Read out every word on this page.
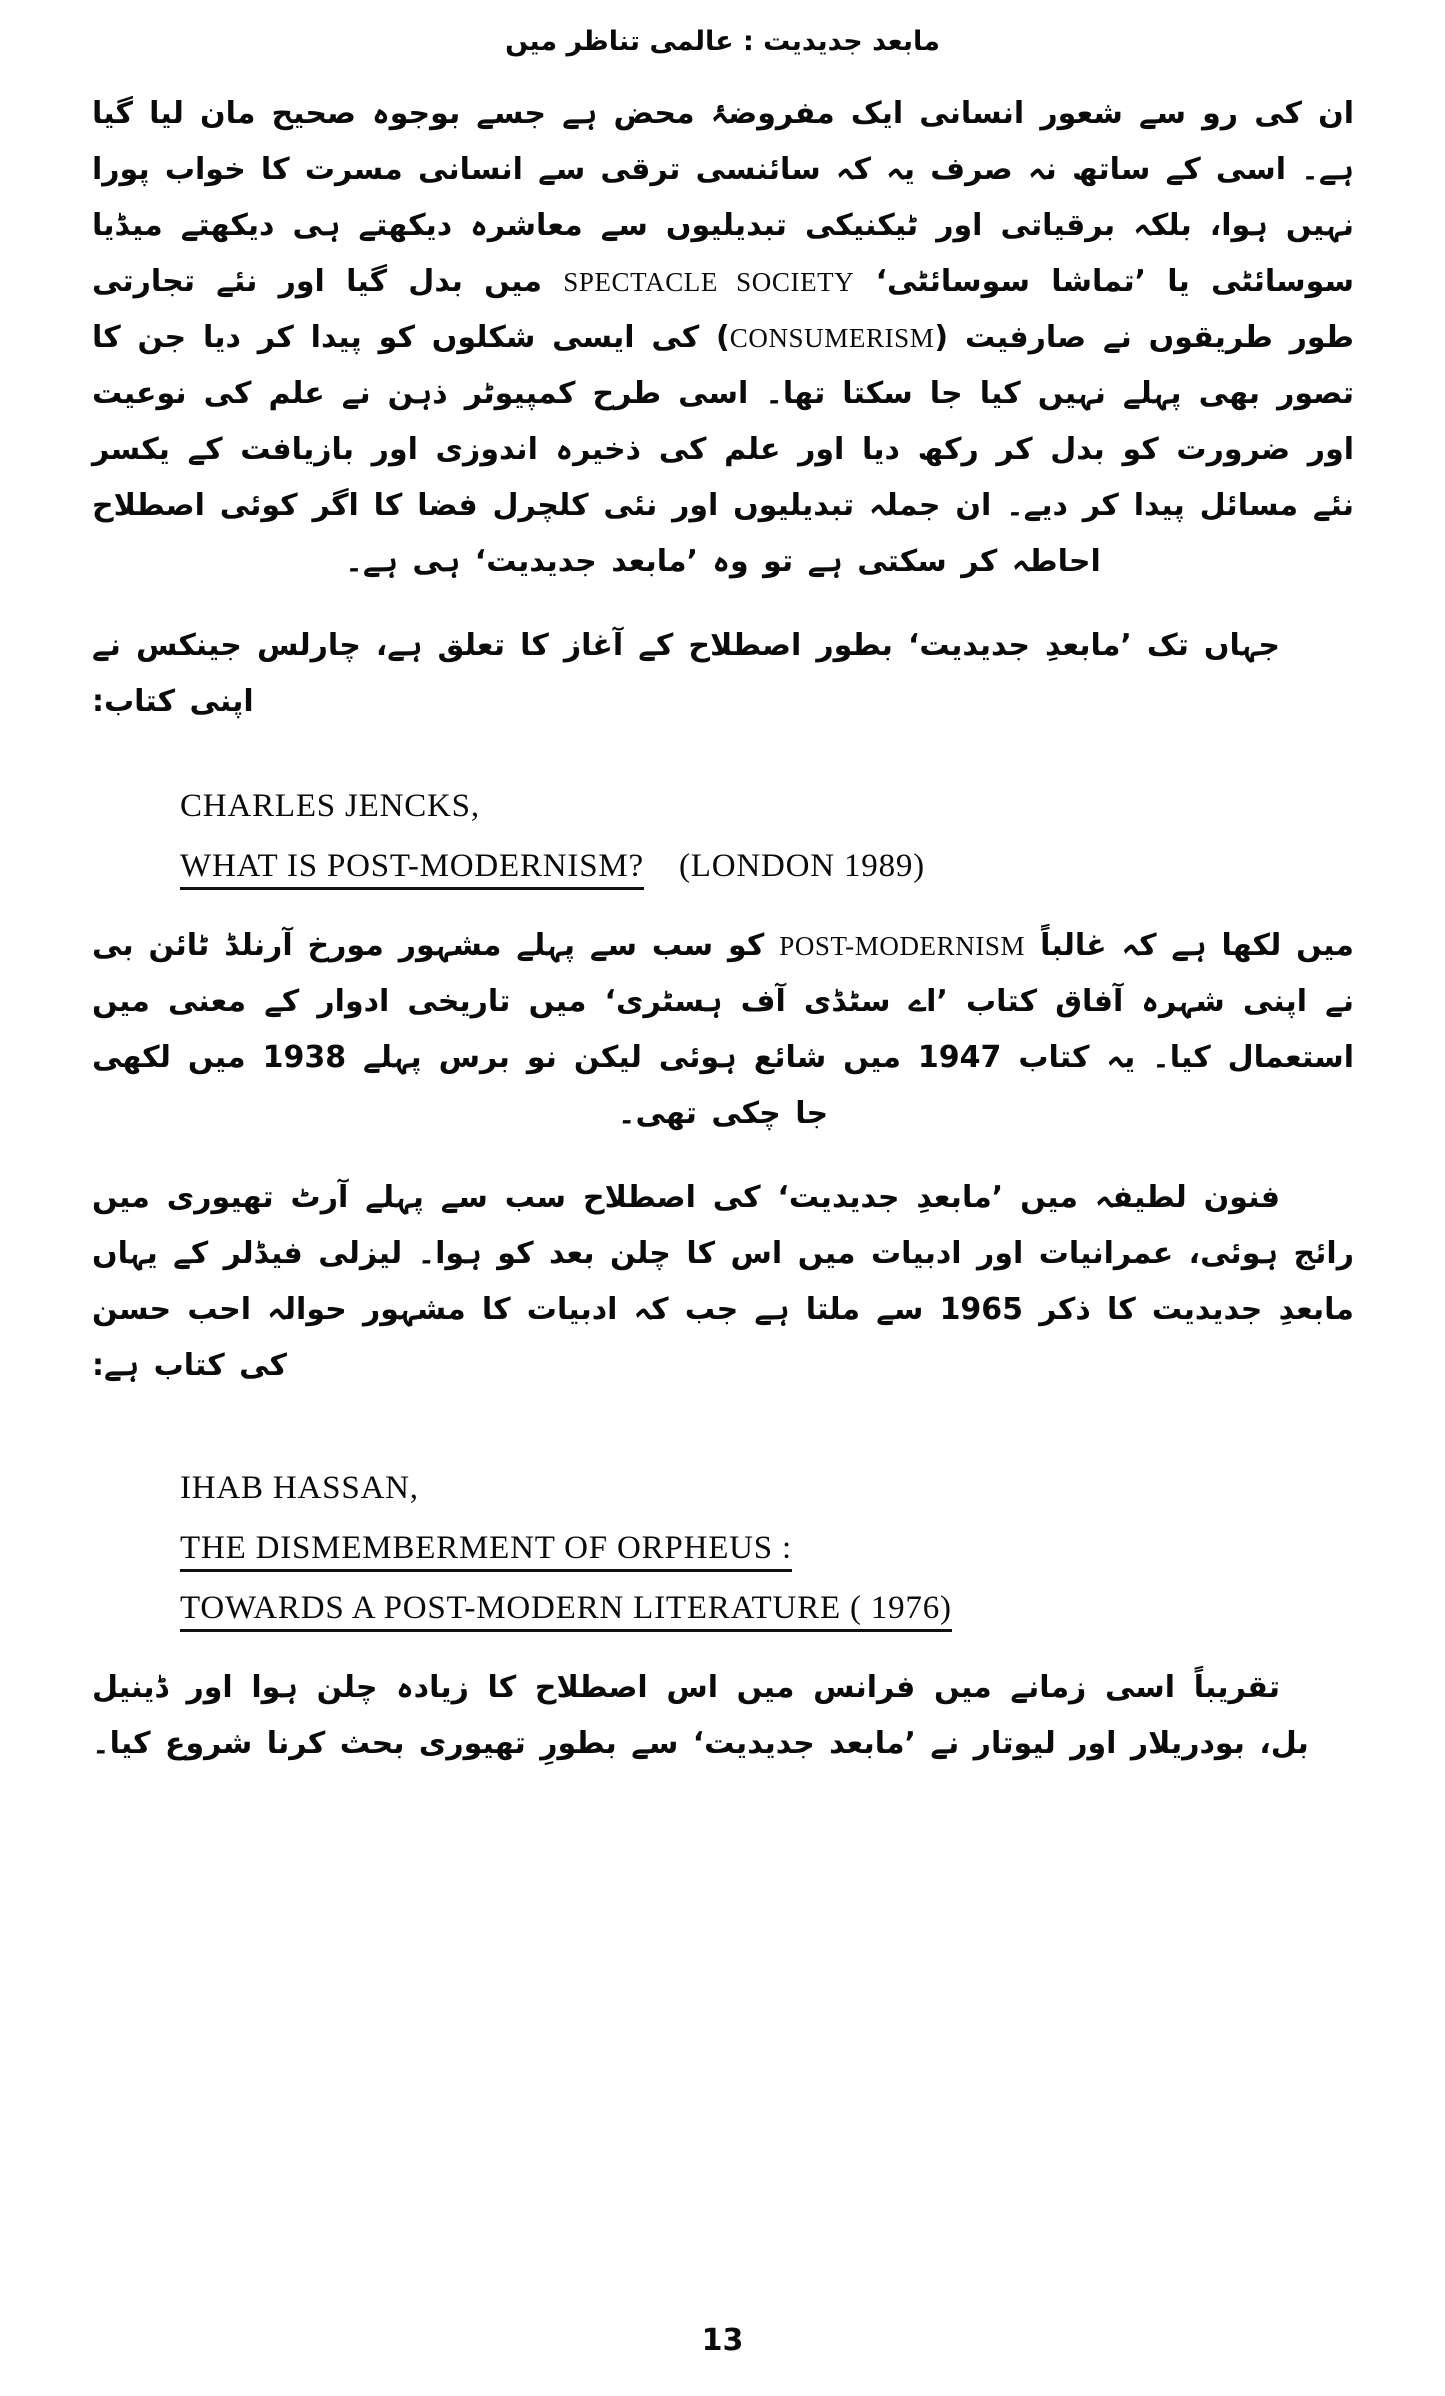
مابعد جدیدیت : عالمی تناظر میں

ان کی رو سے شعور انسانی ایک مفروضۂ محض ہے جسے بوجوہ صحیح مان لیا گیا ہے۔ اسی کے ساتھ نہ صرف یہ کہ سائنسی ترقی سے انسانی مسرت کا خواب پورا نہیں ہوا، بلکہ برقیاتی اور ٹیکنیکی تبدیلیوں سے معاشرہ دیکھتے ہی دیکھتے میڈیا سوسائٹی یا ’تماشا سوسائٹی‘ SPECTACLE SOCIETY میں بدل گیا اور نئے تجارتی طور طریقوں نے صارفیت (CONSUMERISM) کی ایسی شکلوں کو پیدا کر دیا جن کا تصور بھی پہلے نہیں کیا جا سکتا تھا۔ اسی طرح کمپیوٹر ذہن نے علم کی نوعیت اور ضرورت کو بدل کر رکھ دیا اور علم کی ذخیرہ اندوزی اور بازیافت کے یکسر نئے مسائل پیدا کر دیے۔ ان جملہ تبدیلیوں اور نئی کلچرل فضا کا اگر کوئی اصطلاح احاطہ کر سکتی ہے تو وہ ’مابعد جدیدیت‘ ہی ہے۔

جہاں تک ’مابعدِ جدیدیت‘ بطور اصطلاح کے آغاز کا تعلق ہے، چارلس جینکس نے اپنی کتاب:

CHARLES JENCKS,
WHAT IS POST-MODERNISM? (LONDON 1989)

میں لکھا ہے کہ غالباً POST-MODERNISM کو سب سے پہلے مشہور مورخ آرنلڈ ٹائن بی نے اپنی شہرہ آفاق کتاب ’اے سٹڈی آف ہسٹری‘ میں تاریخی ادوار کے معنی میں استعمال کیا۔ یہ کتاب 1947 میں شائع ہوئی لیکن نو برس پہلے 1938 میں لکھی جا چکی تھی۔

فنون لطیفہ میں ’مابعدِ جدیدیت‘ کی اصطلاح سب سے پہلے آرٹ تھیوری میں رائج ہوئی، عمرانیات اور ادبیات میں اس کا چلن بعد کو ہوا۔ لیزلی فیڈلر کے یہاں مابعدِ جدیدیت کا ذکر 1965 سے ملتا ہے جب کہ ادبیات کا مشہور حوالہ احب حسن کی کتاب ہے:

IHAB HASSAN,
THE DISMEMBERMENT OF ORPHEUS :
TOWARDS A POST-MODERN LITERATURE ( 1976)

تقریباً اسی زمانے میں فرانس میں اس اصطلاح کا زیادہ چلن ہوا اور ڈینیل بل، بودریلار اور لیوتار نے ’مابعد جدیدیت‘ سے بطورِ تھیوری بحث کرنا شروع کیا۔

13
